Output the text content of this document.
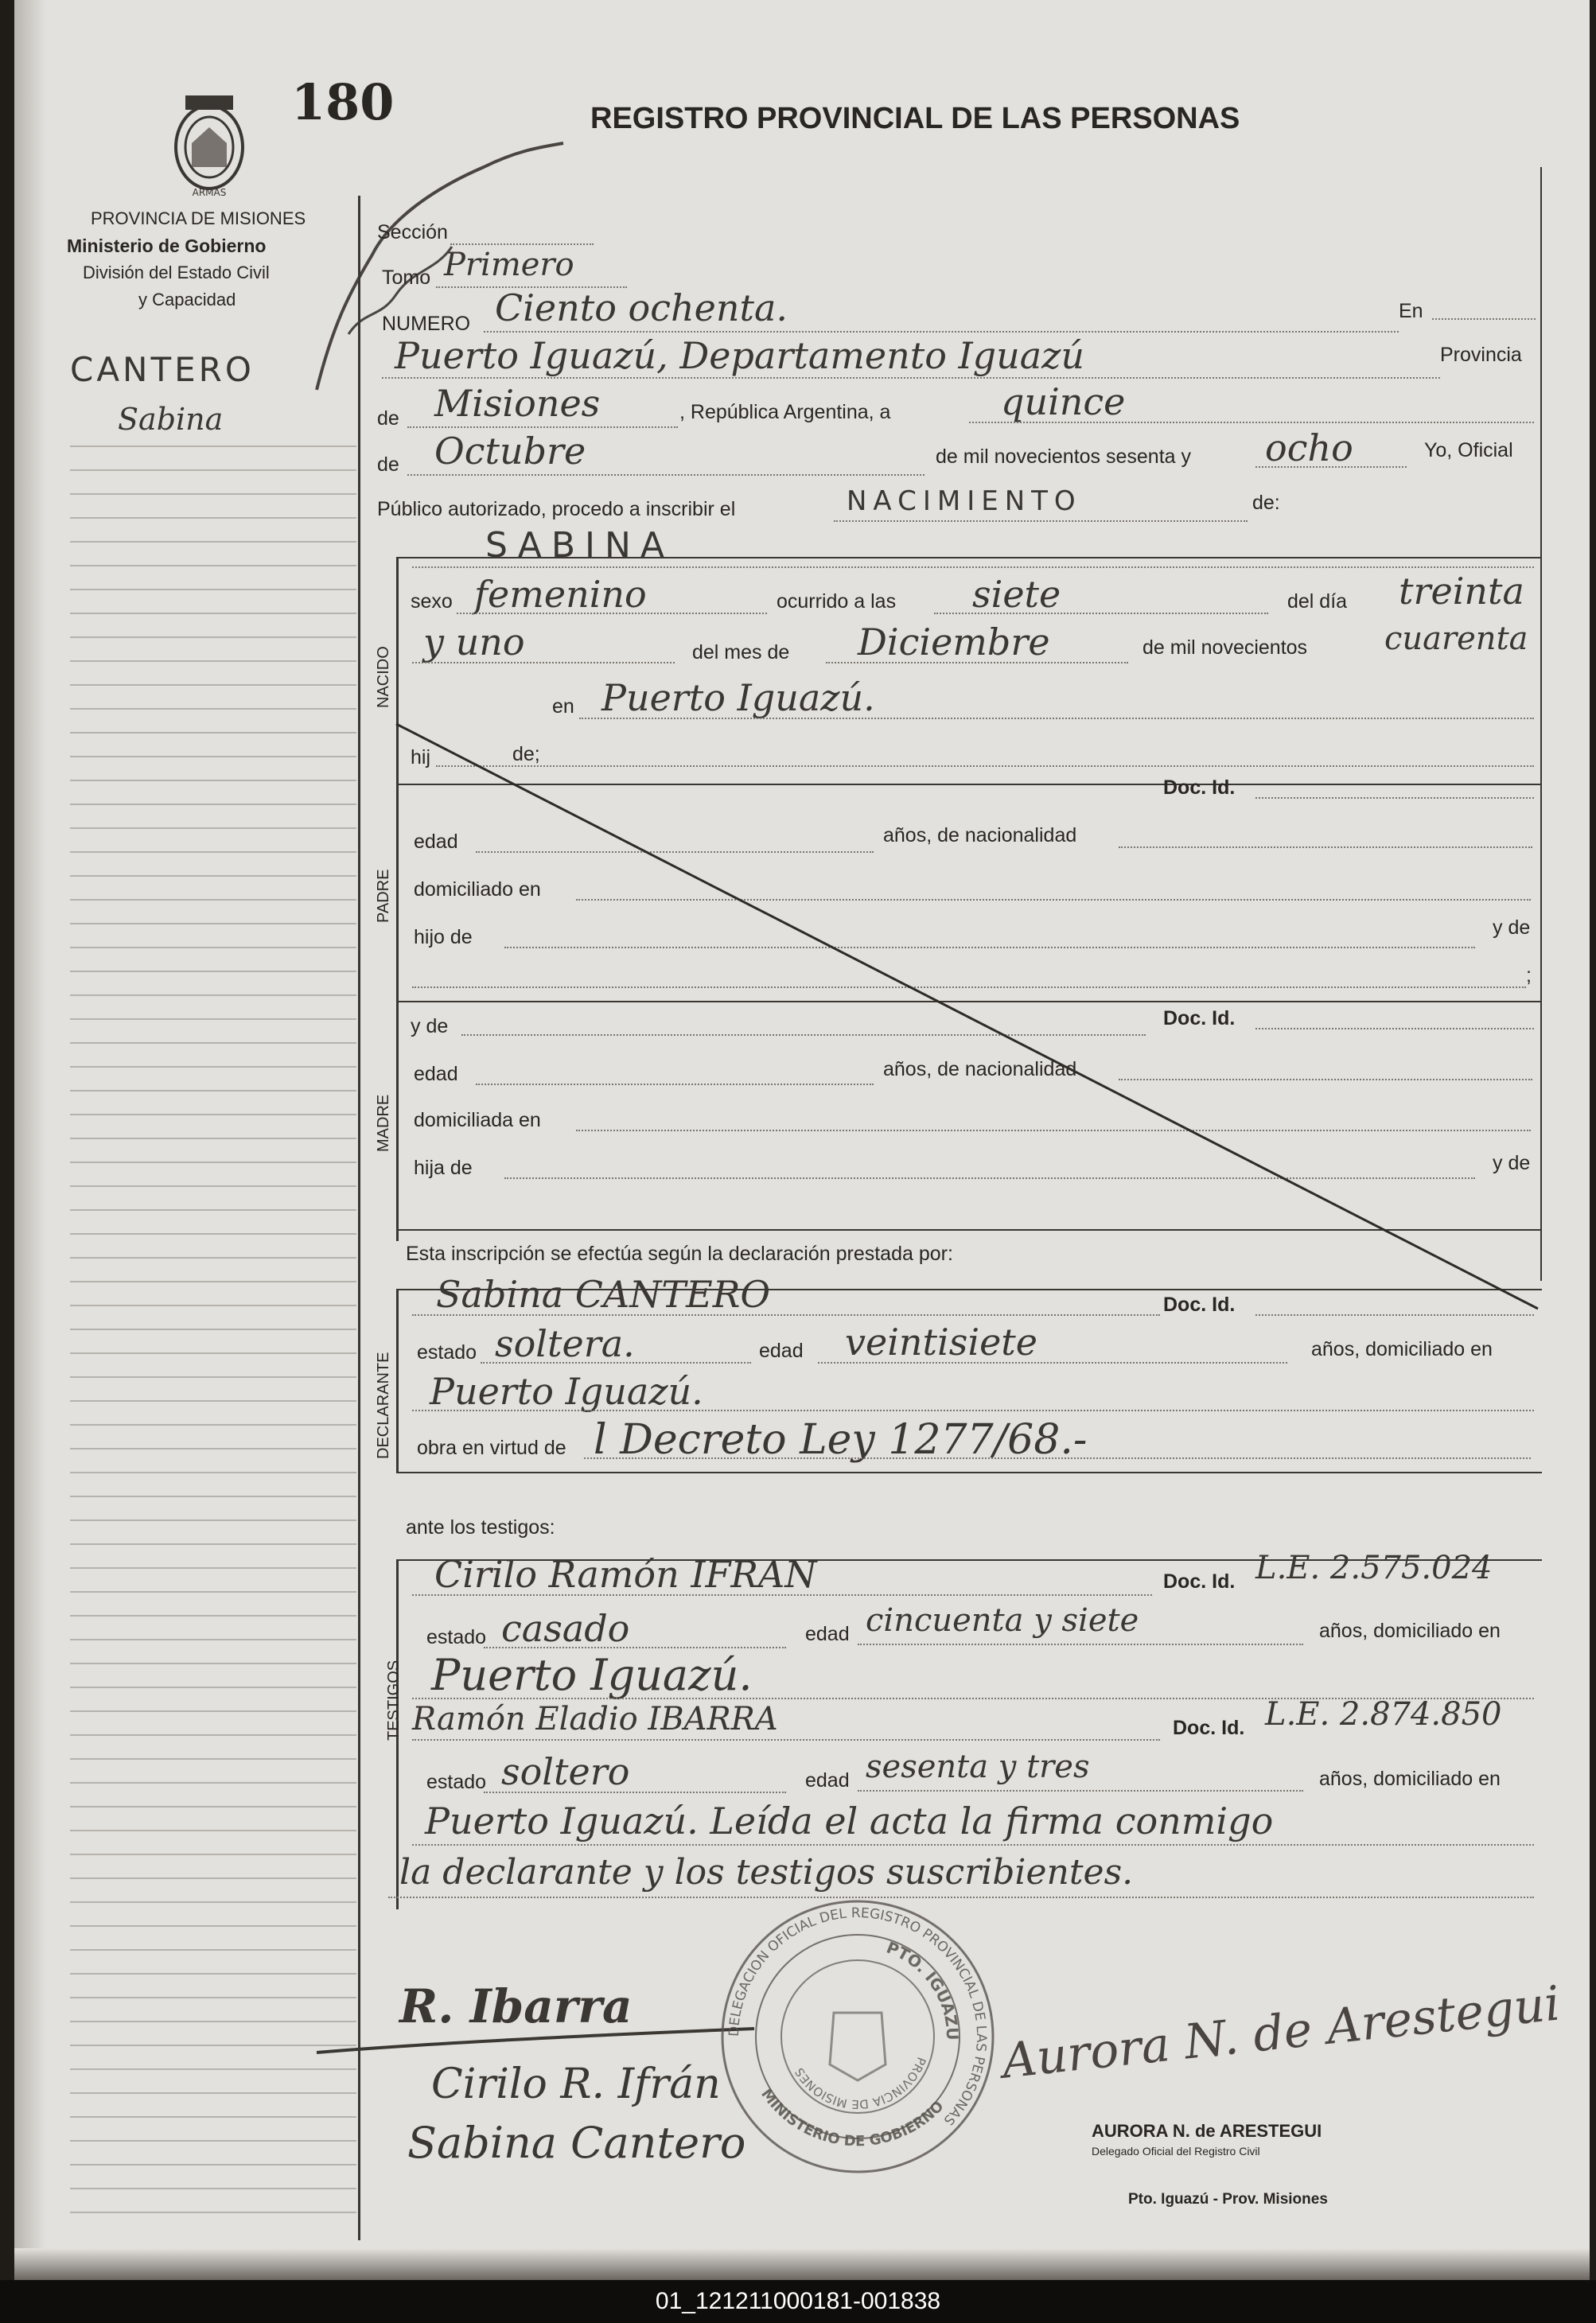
ARMAS
180	REGISTRO PROVINCIAL DE LAS PERSONAS
PROVINCIA DE MISIONES
Ministerio de Gobierno
División del Estado Civil
y Capacidad
CANTERO
Sabina
Sección
Tomo Primero
NUMERO Ciento ochenta.	En
Puerto Iguazú, Departamento Iguazú	Provincia
de Misiones	, República Argentina, a	quince
de Octubre	de mil novecientos sesenta y ocho	Yo, Oficial
Público autorizado, procedo a inscribir el	NACIMIENTO	de:
NACIDO
SABINA
sexo femenino	ocurrido a las siete	del día treinta
y uno	del mes de Diciembre	de mil novecientos cuarenta
en Puerto Iguazú.
hij	de;
PADRE
Doc. Id.
edad	años, de nacionalidad
domiciliado en
hijo de	y de
;
MADRE
y de	Doc. Id.
edad	años, de nacionalidad
domiciliada en
hija de	y de
Esta inscripción se efectúa según la declaración prestada por:
DECLARANTE
Sabina CANTERO	Doc. Id.
estado soltera.	edad veintisiete	años, domiciliado en
Puerto Iguazú.
obra en virtud de l Decreto Ley 1277/68.-
ante los testigos:
TESTIGOS
Cirilo Ramón IFRAN	Doc. Id. L.E. 2.575.024
estado casado	edad cincuenta y siete	años, domiciliado en
Puerto Iguazú.
Ramón Eladio IBARRA	Doc. Id. L.E. 2.874.850
estado soltero	edad sesenta y tres	años, domiciliado en
Puerto Iguazú. Leída el acta la firma conmigo
la declarante y los testigos suscribientes.
R. Ibarra
Cirilo R. Ifrán
Sabina Cantero
DELEGACION OFICIAL DEL REGISTRO PROVINCIAL DE LAS PERSONAS
PTO. IGUAZU
PROVINCIA DE MISIONES
MINISTERIO DE GOBIERNO
Aurora N. de Arestegui
AURORA N. de ARESTEGUI
Delegado Oficial del Registro Civil
Pto. Iguazú - Prov. Misiones
01_121211000181-001838
